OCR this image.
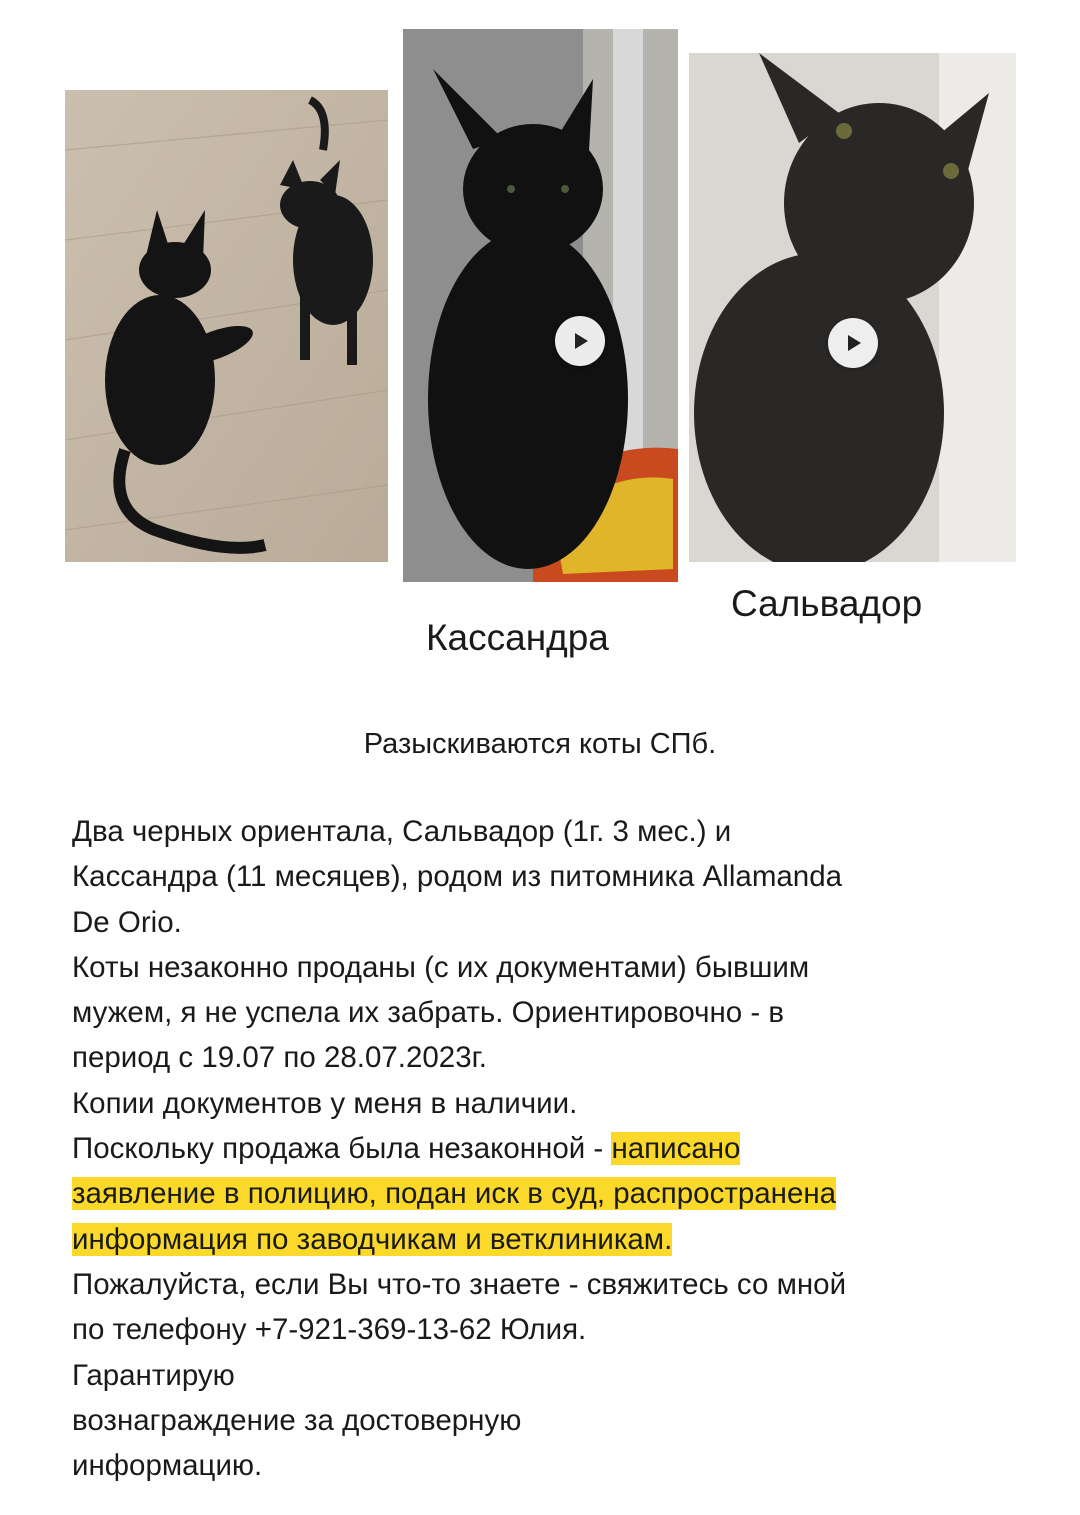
Кассандра
Сальвадор
Разыскиваются коты СПб.
Два черных ориентала, Сальвадор (1г. 3 мес.) и
Кассандра (11 месяцев), родом из питомника Allamanda
De Orio.
Коты незаконно проданы (с их документами) бывшим
мужем, я не успела их забрать. Ориентировочно - в
период с 19.07 по 28.07.2023г.
Копии документов у меня в наличии.
Поскольку продажа была незаконной - написано
заявление в полицию, подан иск в суд, распространена
информация по заводчикам и ветклиникам.
Пожалуйста, если Вы что-то знаете - свяжитесь со мной
по телефону +7-921-369-13-62 Юлия.
Гарантирую
вознаграждение за достоверную
информацию.
